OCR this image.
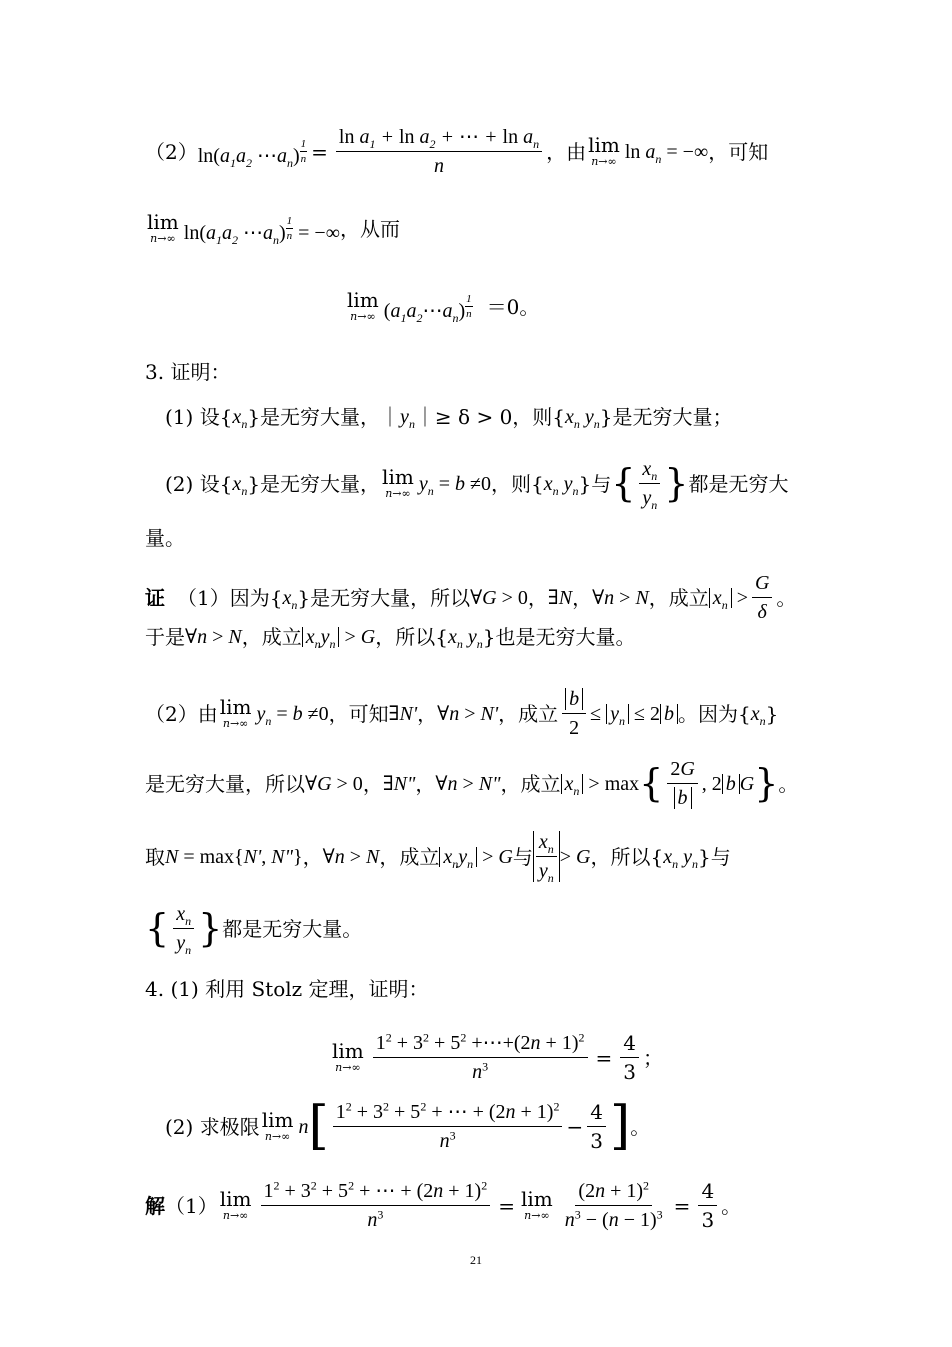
（2） $\ln(a_1a_2$ $\cdots a_n$) $^{\frac{1}{n}} = \frac{\ln a_1 + \ln a_2 + \cdots + \ln a_n}{n}$ ，由 lim
n→∞ $\ln a_n$ = −∞ ，可知
lim
n→∞ $\ln(a_1a_2$ $\cdots a_n$) $^{\frac{1}{n}}$ = −∞ ，从而
lim
n→∞ $(a_1a_2\cdots a_n)$ $^{\frac{1}{n}}$ ＝0。
3. 证明：
(1) 设{ $x_n$ }是无穷大量，｜ $y_n$ ｜≥ δ > 0，则{ $x_n$ $y_n$ }是无穷大量；
(2) 设{ $x_n$ }是无穷大量， lim
n→∞ $y_n = b \ne 0$ ，则{ $x_n$ $y_n$ }与 { $\frac{x_n}{y_n}$ } 都是无穷大
量。
证 （1）因为{ $x_n$ }是无穷大量，所以 ∀G > 0 ， ∃N ， ∀n > N ，成立 $x_n > \frac{G}{\delta}$ 。
于是 ∀n > N ，成立 $x_ny_n > G$ ，所以{ $x_n$ $y_n$ }也是无穷大量。
（2）由 lim
n→∞ $y_n = b \ne 0$ ，可知 ∃N' ， ∀n > N' ，成立 $\frac{b}{2} \le y_n \le 2$ b 。因为{ $x_n$ }
是无穷大量，所以 ∀G > 0 ， ∃N" ， ∀n > N" ，成立 $x_n > \max$ { $\frac{2G}{b}$ , 2 b G } 。
取 N = max{N', N"} ， ∀n > N ，成立 $x_ny_n > G$ 与 $\frac{x_n}{y_n} > G$ ，所以{ $x_n$ $y_n$ }与
{ $\frac{x_n}{y_n}$ } 都是无穷大量。
4. (1) 利用 Stolz 定理，证明：
lim
$n\to\infty \frac{1^2 + 3^2 + 5^2 +\cdots+(2n + 1)^2}{n^3} = \frac{4}{3}$ ；
(2) 求极限 lim
n→∞ n [ $\frac{1^2 + 3^2 + 5^2 + \cdots + (2n + 1)^2}{n^3} - \frac{4}{3}$ ] 。
解 （1） lim
$n\to\infty \frac{1^2 + 3^2 + 5^2 + \cdots + (2n + 1)^2}{n^3} = \lim$
$n\to\infty \frac{(2n + 1)^2}{n^3 - (n - 1)^3} = \frac{4}{3}$ 。
21
